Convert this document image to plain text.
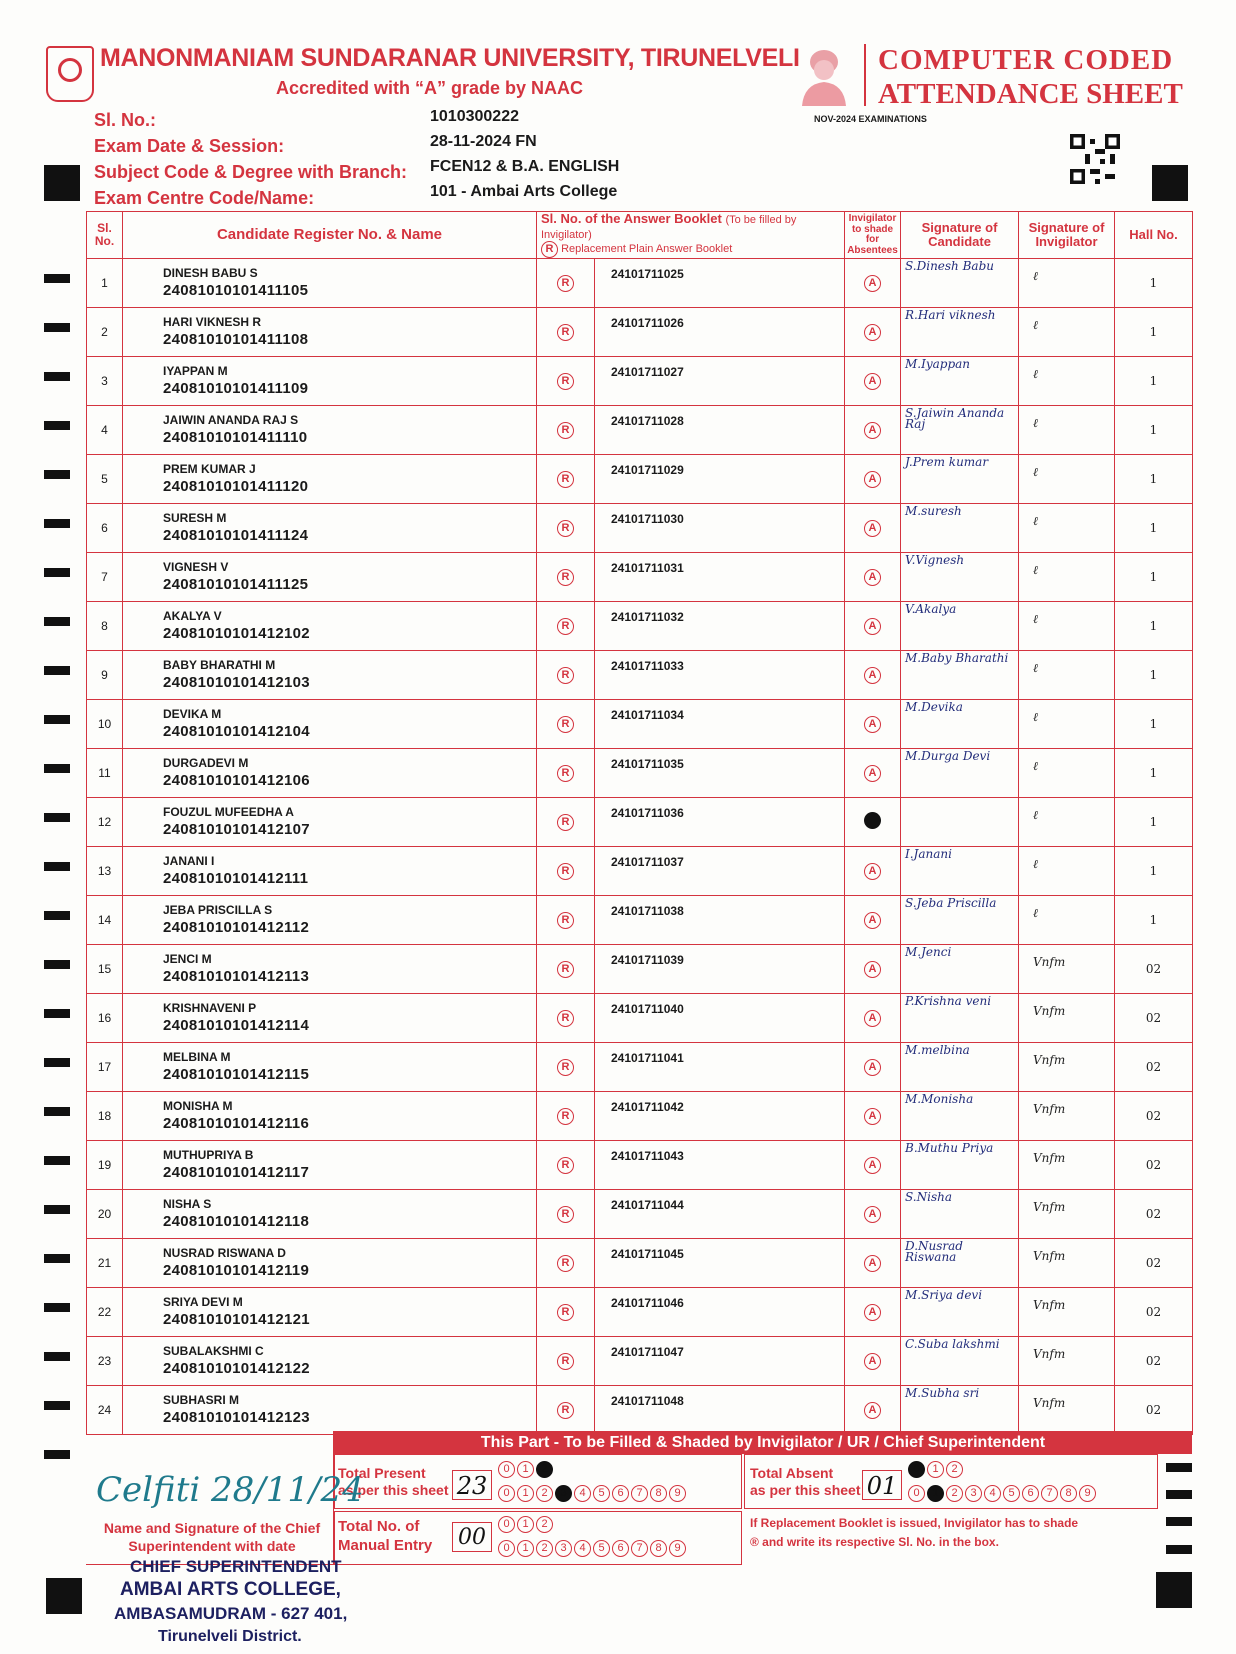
MANONMANIAM SUNDARANAR UNIVERSITY, TIRUNELVELI
Accredited with “A” grade by NAAC
COMPUTER CODED
ATTENDANCE SHEET
NOV-2024 EXAMINATIONS
Sl. No.:	1010300222
Exam Date & Session:	28-11-2024 FN
Subject Code & Degree with Branch: FCEN12 & B.A. ENGLISH
Exam Centre Code/Name:	101 - Ambai Arts College
Sl.
No.	Candidate Register No. & Name	Sl. No. of the Answer Booklet (To be filled by Invigilator)
R Replacement Plain Answer Booklet		Invigilator to shade for Absentees	Signature of Candidate	Signature of Invigilator	Hall No.
1	DINESH BABU S
24081010101411105	R	24101711025	A	S.Dinesh Babu	ℓ	1
2	HARI VIKNESH R
24081010101411108	R	24101711026	A	R.Hari viknesh	ℓ	1
3	IYAPPAN M
24081010101411109	R	24101711027	A	M.Iyappan	ℓ	1
4	JAIWIN ANANDA RAJ S
24081010101411110	R	24101711028	A	S.Jaiwin Ananda Raj	ℓ	1
5	PREM KUMAR J
24081010101411120	R	24101711029	A	J.Prem kumar	ℓ	1
6	SURESH M
24081010101411124	R	24101711030	A	M.suresh	ℓ	1
7	VIGNESH V
24081010101411125	R	24101711031	A	V.Vignesh	ℓ	1
8	AKALYA V
24081010101412102	R	24101711032	A	V.Akalya	ℓ	1
9	BABY BHARATHI M
24081010101412103	R	24101711033	A	M.Baby Bharathi	ℓ	1
10	DEVIKA M
24081010101412104	R	24101711034	A	M.Devika	ℓ	1
11	DURGADEVI M
24081010101412106	R	24101711035	A	M.Durga Devi	ℓ	1
12	FOUZUL MUFEEDHA A
24081010101412107	R	24101711036			ℓ	1
13	JANANI I
24081010101412111	R	24101711037	A	I.Janani	ℓ	1
14	JEBA PRISCILLA S
24081010101412112	R	24101711038	A	S.Jeba Priscilla	ℓ	1
15	JENCI M
24081010101412113	R	24101711039	A	M.Jenci	Vnfm	02
16	KRISHNAVENI P
24081010101412114	R	24101711040	A	P.Krishna veni	Vnfm	02
17	MELBINA M
24081010101412115	R	24101711041	A	M.melbina	Vnfm	02
18	MONISHA M
24081010101412116	R	24101711042	A	M.Monisha	Vnfm	02
19	MUTHUPRIYA B
24081010101412117	R	24101711043	A	B.Muthu Priya	Vnfm	02
20	NISHA S
24081010101412118	R	24101711044	A	S.Nisha	Vnfm	02
21	NUSRAD RISWANA D
24081010101412119	R	24101711045	A	D.Nusrad Riswana	Vnfm	02
22	SRIYA DEVI M
24081010101412121	R	24101711046	A	M.Sriya devi	Vnfm	02
23	SUBALAKSHMI C
24081010101412122	R	24101711047	A	C.Suba lakshmi	Vnfm	02
24	SUBHASRI M
24081010101412123	R	24101711048	A	M.Subha sri	Vnfm	02
This Part - To be Filled & Shaded by Invigilator / UR / Chief Superintendent
Total Present
as per this sheet 23
0 1 2
0 1 2 3 4 5 6 7 8 9
Total Absent
as per this sheet 01
0 1 2
0 1 2 3 4 5 6 7 8 9
Total No. of
Manual Entry 00
0 1 2
0 1 2 3 4 5 6 7 8 9
If Replacement Booklet is issued, Invigilator has to shade ® and write its respective Sl. No. in the box.
Celfiti 28/11/24
Name and Signature of the Chief Superintendent with date
CHIEF SUPERINTENDENT
AMBAI ARTS COLLEGE,
AMBASAMUDRAM - 627 401,
Tirunelveli District.
